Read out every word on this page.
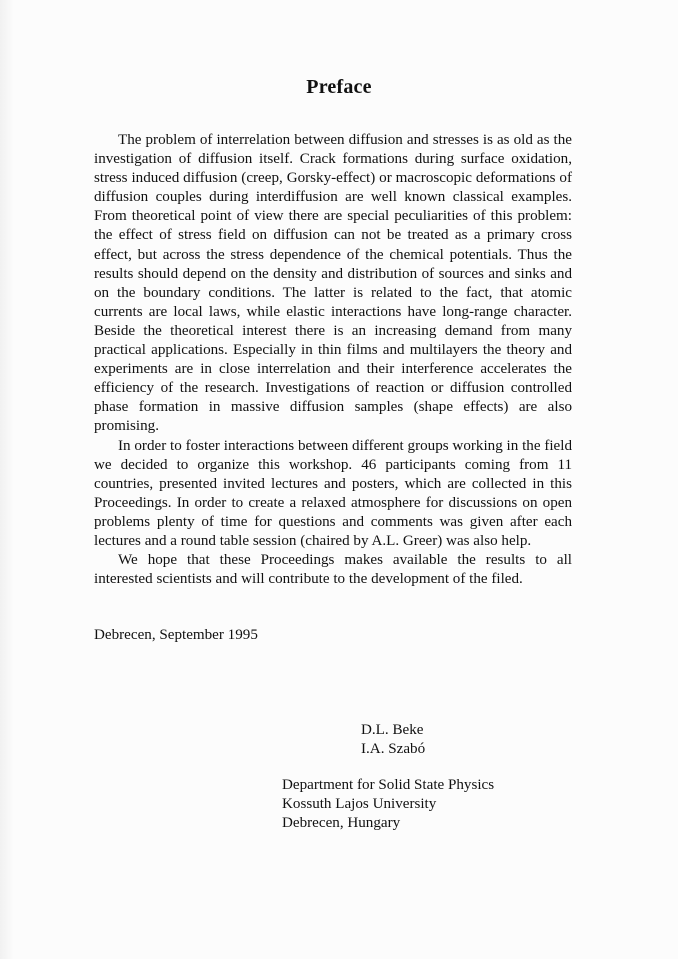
Preface

The problem of interrelation between diffusion and stresses is as old as the investigation of diffusion itself. Crack formations during surface oxidation, stress induced diffusion (creep, Gorsky-effect) or macroscopic deformations of diffusion couples during interdiffusion are well known classical examples. From theoretical point of view there are special peculiarities of this problem: the effect of stress field on diffusion can not be treated as a primary cross effect, but across the stress dependence of the chemical potentials. Thus the results should depend on the density and distribution of sources and sinks and on the boundary conditions. The latter is related to the fact, that atomic currents are local laws, while elastic interactions have long-range character. Beside the theoretical interest there is an increasing demand from many practical applications. Especially in thin films and multilayers the theory and experiments are in close interrelation and their interference accelerates the efficiency of the research. Investigations of reaction or diffusion controlled phase formation in massive diffusion samples (shape effects) are also promising.

In order to foster interactions between different groups working in the field we decided to organize this workshop. 46 participants coming from 11 countries, presented invited lectures and posters, which are collected in this Proceedings. In order to create a relaxed atmosphere for discussions on open problems plenty of time for questions and comments was given after each lectures and a round table session (chaired by A.L. Greer) was also help.

We hope that these Proceedings makes available the results to all interested scientists and will contribute to the development of the filed.

Debrecen, September 1995
D.L. Beke
I.A. Szabó
Department for Solid State Physics
Kossuth Lajos University
Debrecen, Hungary
